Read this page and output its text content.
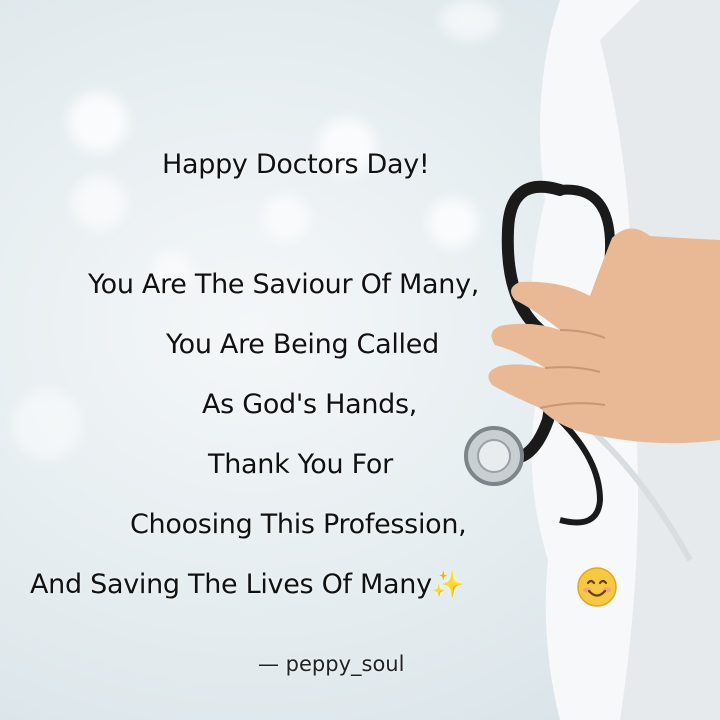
Happy Doctors Day!
You Are The Saviour Of Many,
You Are Being Called
As God's Hands,
Thank You For
Choosing This Profession,
And Saving The Lives Of Many✨
— peppy_soul
